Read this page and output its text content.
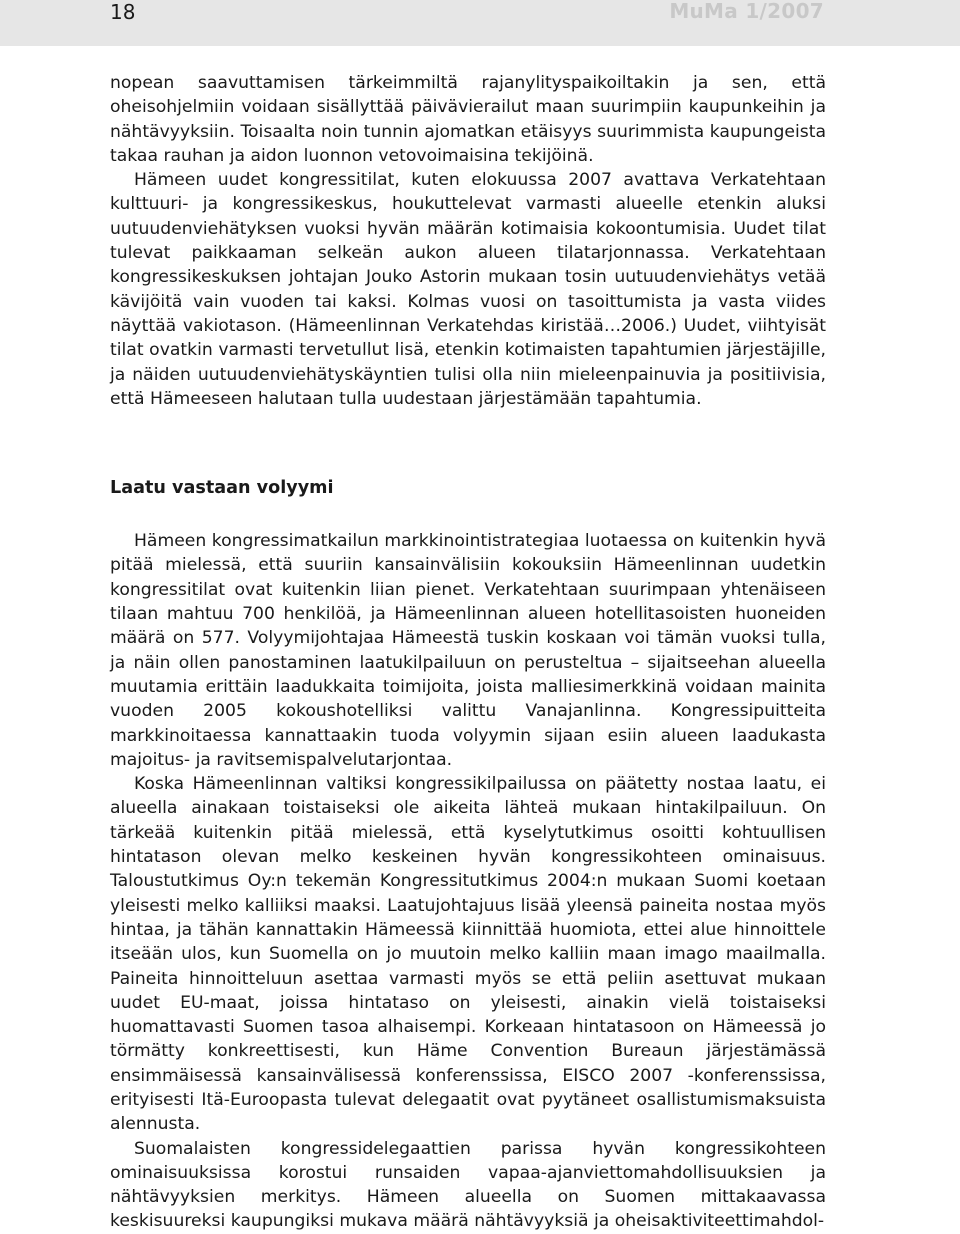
18	MuMa 1/2007

nopean saavuttamisen tärkeimmiltä rajanylityspaikoiltakin ja sen, että oheisohjelmiin voidaan sisällyttää päivävierailut maan suurimpiin kaupunkeihin ja nähtävyyksiin. Toisaalta noin tunnin ajomatkan etäisyys suurimmista kaupungeista takaa rauhan ja aidon luonnon vetovoimaisina tekijöinä.

Hämeen uudet kongressitilat, kuten elokuussa 2007 avattava Verkatehtaan kulttuuri- ja kongressikeskus, houkuttelevat varmasti alueelle etenkin aluksi uutuudenviehätyksen vuoksi hyvän määrän kotimaisia kokoontumisia. Uudet tilat tulevat paikkaaman selkeän aukon alueen tilatarjonnassa. Verkatehtaan kongressikeskuksen johtajan Jouko Astorin mukaan tosin uutuudenviehätys vetää kävijöitä vain vuoden tai kaksi. Kolmas vuosi on tasoittumista ja vasta viides näyttää vakiotason. (Hämeenlinnan Verkatehdas kiristää…2006.) Uudet, viihtyisät tilat ovatkin varmasti tervetullut lisä, etenkin kotimaisten tapahtumien järjestäjille, ja näiden uutuudenviehätyskäyntien tulisi olla niin mieleenpainuvia ja positiivisia, että Hämeeseen halutaan tulla uudestaan järjestämään tapahtumia.

Laatu vastaan volyymi

Hämeen kongressimatkailun markkinointistrategiaa luotaessa on kuitenkin hyvä pitää mielessä, että suuriin kansainvälisiin kokouksiin Hämeenlinnan uudetkin kongressitilat ovat kuitenkin liian pienet. Verkatehtaan suurimpaan yhtenäiseen tilaan mahtuu 700 henkilöä, ja Hämeenlinnan alueen hotellitasoisten huoneiden määrä on 577. Volyymijohtajaa Hämeestä tuskin koskaan voi tämän vuoksi tulla, ja näin ollen panostaminen laatukilpailuun on perusteltua – sijaitseehan alueella muutamia erittäin laadukkaita toimijoita, joista malliesimerkkinä voidaan mainita vuoden 2005 kokoushotelliksi valittu Vanajanlinna. Kongressipuitteita markkinoitaessa kannattaakin tuoda volyymin sijaan esiin alueen laadukasta majoitus- ja ravitsemispalvelutarjontaa.

Koska Hämeenlinnan valtiksi kongressikilpailussa on päätetty nostaa laatu, ei alueella ainakaan toistaiseksi ole aikeita lähteä mukaan hintakilpailuun. On tärkeää kuitenkin pitää mielessä, että kyselytutkimus osoitti kohtuullisen hintatason olevan melko keskeinen hyvän kongressikohteen ominaisuus. Taloustutkimus Oy:n tekemän Kongressitutkimus 2004:n mukaan Suomi koetaan yleisesti melko kalliiksi maaksi. Laatujohtajuus lisää yleensä paineita nostaa myös hintaa, ja tähän kannattakin Hämeessä kiinnittää huomiota, ettei alue hinnoittele itseään ulos, kun Suomella on jo muutoin melko kalliin maan imago maailmalla. Paineita hinnoitteluun asettaa varmasti myös se että peliin asettuvat mukaan uudet EU-maat, joissa hintataso on yleisesti, ainakin vielä toistaiseksi huomattavasti Suomen tasoa alhaisempi. Korkeaan hintatasoon on Hämeessä jo törmätty konkreettisesti, kun Häme Convention Bureaun järjestämässä ensimmäisessä kansainvälisessä konferenssissa, EISCO 2007 -konferenssissa, erityisesti Itä-Euroopasta tulevat delegaatit ovat pyytäneet osallistumismaksuista alennusta.

Suomalaisten kongressidelegaattien parissa hyvän kongressikohteen ominaisuuksissa korostui runsaiden vapaa-ajanviettomahdollisuuksien ja nähtävyyksien merkitys. Hämeen alueella on Suomen mittakaavassa keskisuureksi kaupungiksi mukava määrä nähtävyyksiä ja oheisaktiviteettimahdol-
